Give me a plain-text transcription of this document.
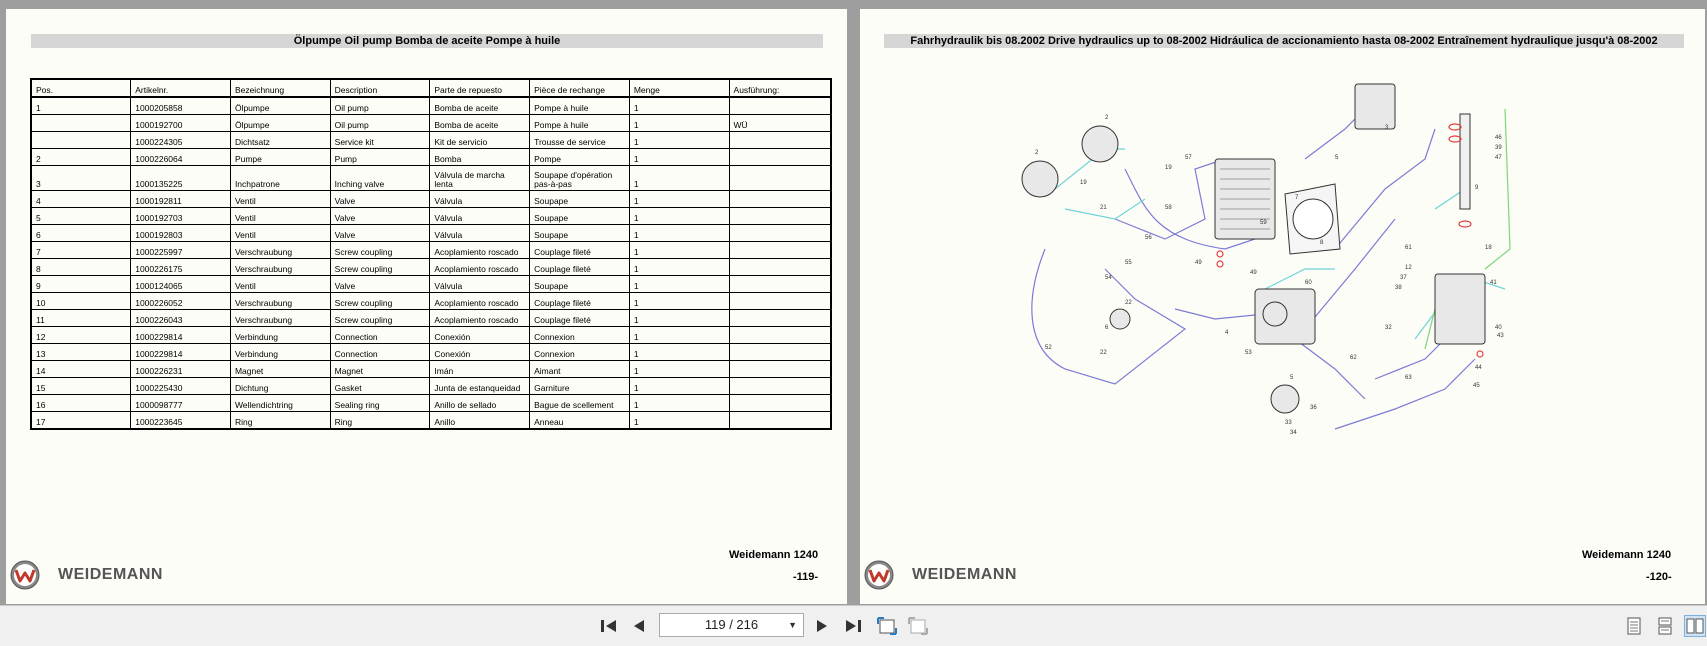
Ölpumpe Oil pump Bomba de aceite Pompe à huile
Pos.	Artikelnr.	Bezeichnung	Description	Parte de repuesto	Pièce de rechange	Menge	Ausführung:
1	1000205858	Ölpumpe	Oil pump	Bomba de aceite	Pompe à huile	1	
	1000192700	Ölpumpe	Oil pump	Bomba de aceite	Pompe à huile	1	WÜ
	1000224305	Dichtsatz	Service kit	Kit de servicio	Trousse de service	1	
2	1000226064	Pumpe	Pump	Bomba	Pompe	1	
3	1000135225	Inchpatrone	Inching valve	Válvula de marcha lenta	Soupape d'opération pas-à-pas	1	
4	1000192811	Ventil	Valve	Válvula	Soupape	1	
5	1000192703	Ventil	Valve	Válvula	Soupape	1	
6	1000192803	Ventil	Valve	Válvula	Soupape	1	
7	1000225997	Verschraubung	Screw coupling	Acoplamiento roscado	Couplage fileté	1	
8	1000226175	Verschraubung	Screw coupling	Acoplamiento roscado	Couplage fileté	1	
9	1000124065	Ventil	Valve	Válvula	Soupape	1	
10	1000226052	Verschraubung	Screw coupling	Acoplamiento roscado	Couplage fileté	1	
11	1000226043	Verschraubung	Screw coupling	Acoplamiento roscado	Couplage fileté	1	
12	1000229814	Verbindung	Connection	Conexión	Connexion	1	
13	1000229814	Verbindung	Connection	Conexión	Connexion	1	
14	1000226231	Magnet	Magnet	Imán	Aimant	1	
15	1000225430	Dichtung	Gasket	Junta de estanqueidad	Garniture	1	
16	1000098777	Wellendichtring	Sealing ring	Anillo de sellado	Bague de scellement	1	
17	1000223645	Ring	Ring	Anillo	Anneau	1	
Weidemann 1240
-119-
WEIDEMANN
Fahrhydraulik bis 08.2002 Drive hydraulics up to 08-2002 Hidráulica de accionamiento hasta 08-2002 Entraînement hydraulique jusqu'à 08-2002
2
2
3
7
8
5
4
5
56
49
49
52
53
54
55
57
22
22
12
18
46
39
47
9
32
63
62
33
34
36
40
43
44
45
41
37
38
61
59
60
58
19
19
21
6
Weidemann 1240
-120-
WEIDEMANN
119 / 216	▼
